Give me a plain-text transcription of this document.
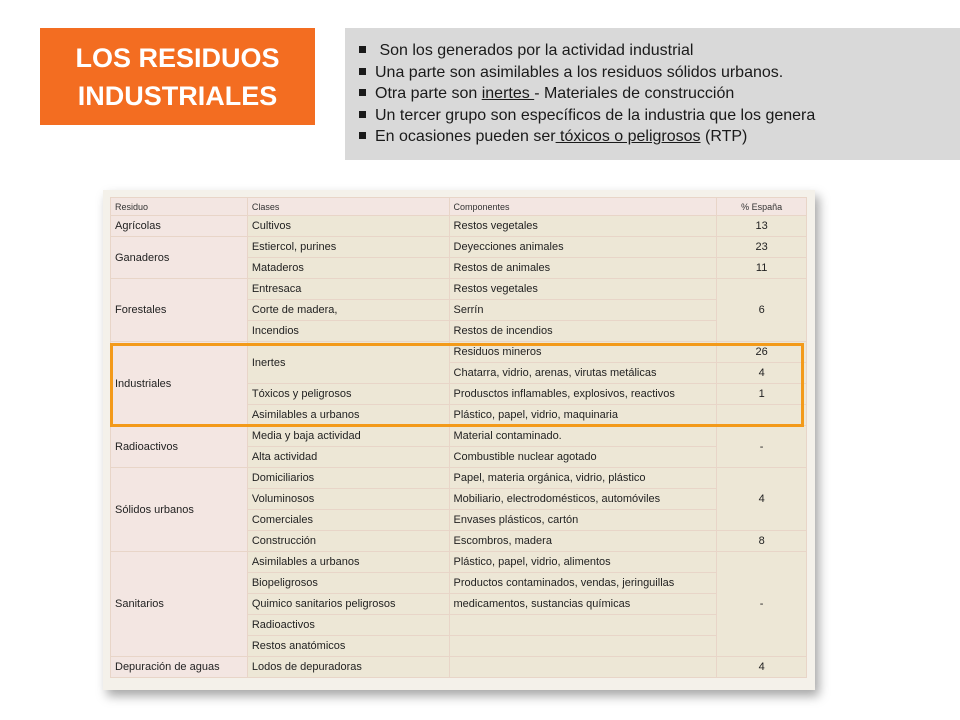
LOS RESIDUOS
INDUSTRIALES
Son los generados por la actividad industrial
Una parte son asimilables a los residuos sólidos urbanos.
Otra parte son inertes - Materiales de construcción
Un tercer grupo son específicos de la industria que los genera
En ocasiones pueden ser tóxicos o peligrosos (RTP)
Residuo	Clases	Componentes	% España
Agrícolas	Cultivos	Restos vegetales	13
Ganaderos	Estiercol, purines	Deyecciones animales	23
	Mataderos	Restos de animales	11
Forestales	Entresaca	Restos vegetales	6
	Corte de madera,	Serrín	
	Incendios	Restos de incendios	
Industriales	Inertes	Residuos mineros	26
		Chatarra, vidrio, arenas, virutas metálicas	4
	Tóxicos y peligrosos	Produsctos inflamables, explosivos, reactivos	1
	Asimilables a urbanos	Plástico, papel, vidrio, maquinaria	
Radioactivos	Media y baja actividad	Material contaminado.	-
	Alta actividad	Combustible nuclear agotado	
Sólidos urbanos	Domiciliarios	Papel, materia orgánica, vidrio, plástico	4
	Voluminosos	Mobiliario, electrodomésticos, automóviles	
	Comerciales	Envases plásticos, cartón	
	Construcción	Escombros, madera	8
Sanitarios	Asimilables a urbanos	Plástico, papel, vidrio, alimentos	-
	Biopeligrosos	Productos contaminados, vendas, jeringuillas	
	Quimico sanitarios peligrosos	medicamentos, sustancias químicas	
	Radioactivos		
	Restos anatómicos		
Depuración de aguas	Lodos de depuradoras		4
